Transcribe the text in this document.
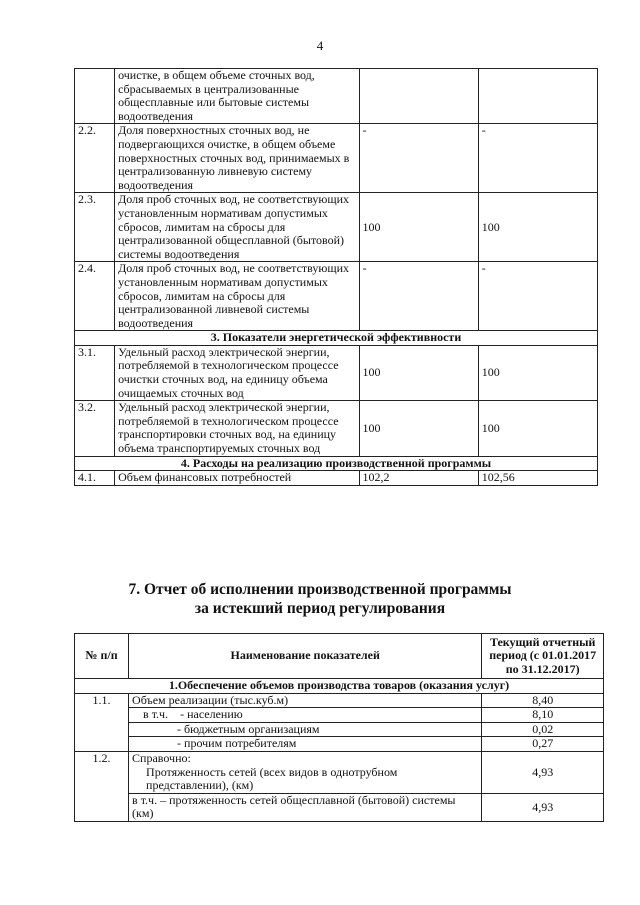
4
	очистке, в общем объеме сточных вод, сбрасываемых в централизованные общесплавные или бытовые системы водоотведения		
2.2.	Доля поверхностных сточных вод, не подвергающихся очистке, в общем объеме поверхностных сточных вод, принимаемых в централизованную ливневую систему водоотведения	-	-
2.3.	Доля проб сточных вод, не соответствующих установленным нормативам допустимых сбросов, лимитам на сбросы для централизованной общесплавной (бытовой) системы водоотведения	100	100
2.4.	Доля проб сточных вод, не соответствующих установленным нормативам допустимых сбросов, лимитам на сбросы для централизованной ливневой системы водоотведения	-	-
3. Показатели энергетической эффективности			
3.1.	Удельный расход электрической энергии, потребляемой в технологическом процессе очистки сточных вод, на единицу объема очищаемых сточных вод	100	100
3.2.	Удельный расход электрической энергии, потребляемой в технологическом процессе транспортировки сточных вод, на единицу объема транспортируемых сточных вод	100	100
4. Расходы на реализацию производственной программы			
4.1.	Объем финансовых потребностей	102,2	102,56
7. Отчет об исполнении производственной программы
за истекший период регулирования
№ п/п	Наименование показателей	Текущий отчетный период (с 01.01.2017 по 31.12.2017)
1.Обеспечение объемов производства товаров (оказания услуг)		
1.1.	Объем реализации (тыс.куб.м)	8,40
	в т.ч. - населению	8,10
	- бюджетным организациям	0,02
	- прочим потребителям	0,27
1.2.	Справочно:
Протяженность сетей (всех видов в однотрубном представлении), (км)	4,93
	в т.ч. – протяженность сетей общесплавной (бытовой) системы (км)	4,93
